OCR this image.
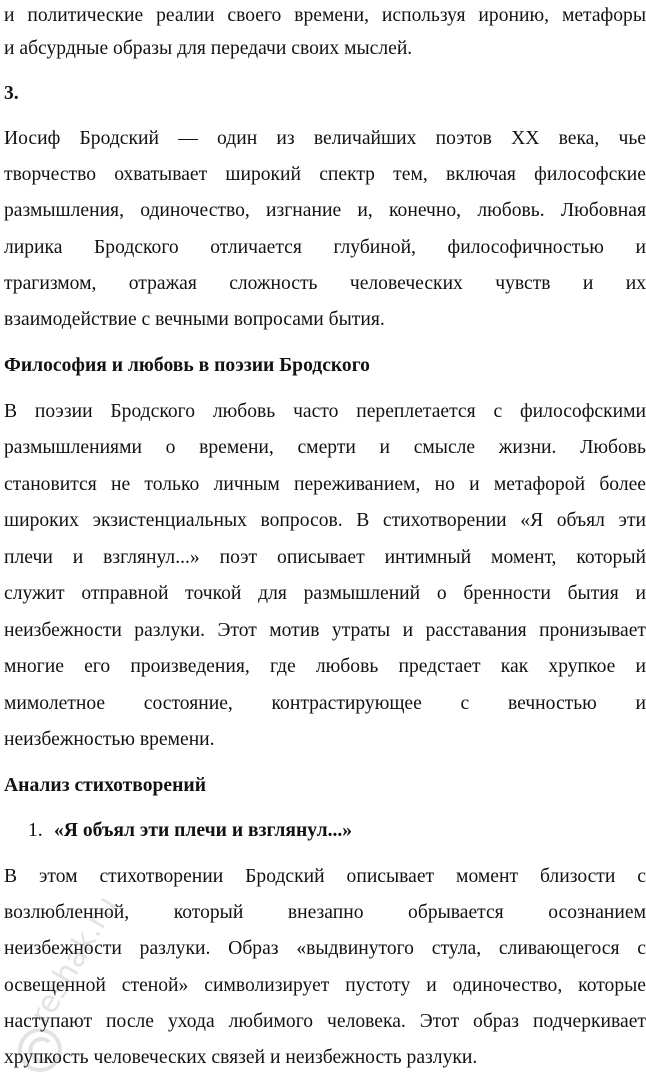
и политические реалии своего времени, используя иронию, метафоры
и абсурдные образы для передачи своих мыслей.
3.
Иосиф Бродский — один из величайших поэтов XX века, чье
творчество охватывает широкий спектр тем, включая философские
размышления, одиночество, изгнание и, конечно, любовь. Любовная
лирика Бродского отличается глубиной, философичностью и
трагизмом, отражая сложность человеческих чувств и их
взаимодействие с вечными вопросами бытия.
Философия и любовь в поэзии Бродского
В поэзии Бродского любовь часто переплетается с философскими
размышлениями о времени, смерти и смысле жизни. Любовь
становится не только личным переживанием, но и метафорой более
широких экзистенциальных вопросов. В стихотворении «Я объял эти
плечи и взглянул...» поэт описывает интимный момент, который
служит отправной точкой для размышлений о бренности бытия и
неизбежности разлуки. Этот мотив утраты и расставания пронизывает
многие его произведения, где любовь предстает как хрупкое и
мимолетное состояние, контрастирующее с вечностью и
неизбежностью времени.
Анализ стихотворений
1. «Я объял эти плечи и взглянул...»
В этом стихотворении Бродский описывает момент близости с
возлюбленной, который внезапно обрывается осознанием
неизбежности разлуки. Образ «выдвинутого стула, сливающегося с
освещенной стеной» символизирует пустоту и одиночество, которые
наступают после ухода любимого человека. Этот образ подчеркивает
хрупкость человеческих связей и неизбежность разлуки.
reshak.ru
